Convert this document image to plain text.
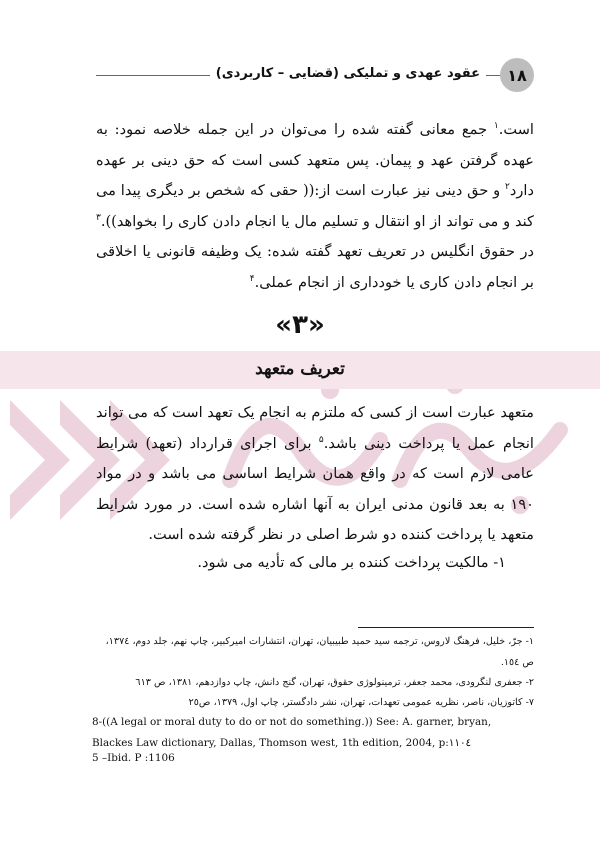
عقود عهدی و تملیکی (قضایی – کاربردی)	۱۸
است.$^۱$ جمع معانی گفته شده را می‌توان در این جمله خلاصه نمود: به عهده گرفتن عهد و پیمان. پس متعهد کسی است که حق دینی بر عهده دارد$^۲$ و حق دینی نیز عبارت است از:(( حقی که شخص بر دیگری پیدا می کند و می تواند از او انتقال و تسلیم مال یا انجام دادن کاری را بخواهد)).$^۳$ در حقوق انگلیس در تعریف تعهد گفته شده: یک وظیفه قانونی یا اخلاقی بر انجام دادن کاری یا خودداری از انجام عملی.$^۴$
«۳»
تعریف متعهد
متعهد عبارت است از کسی که ملتزم به انجام یک تعهد است که می تواند انجام عمل یا پرداخت دینی باشد.$^۵$ برای اجرای قرارداد (تعهد) شرایط عامی لازم است که در واقع همان شرایط اساسی می باشد و در مواد ۱۹۰ به بعد قانون مدنی ایران به آنها اشاره شده است. در مورد شرایط متعهد یا پرداخت کننده دو شرط اصلی در نظر گرفته شده است.
۱- مالکیت پرداخت کننده بر مالی که تأدیه می شود.
۱- جرّ، خلیل، فرهنگ لاروس، ترجمه سید حمید طبیبیان، تهران، انتشارات امیرکبیر، چاپ نهم، جلد دوم، ۱۳۷٤، ص ۱٥٤.
۲- جعفری لنگرودی، محمد جعفر، ترمینولوژی حقوق، تهران، گنج دانش، چاپ دوازدهم، ۱۳۸۱، ص ٦۱۳
۷- کاتوزیان، ناصر، نظریه عمومی تعهدات، تهران، نشر دادگستر، چاپ اول، ۱۳۷۹، ص۲٥
8-((A legal or moral duty to do or not do something.)) See: A. garner, bryan, Blackes Law dictionary, Dallas, Thomson west, 1th edition, 2004, p:۱۱۰٤
5 –Ibid. P :1106
